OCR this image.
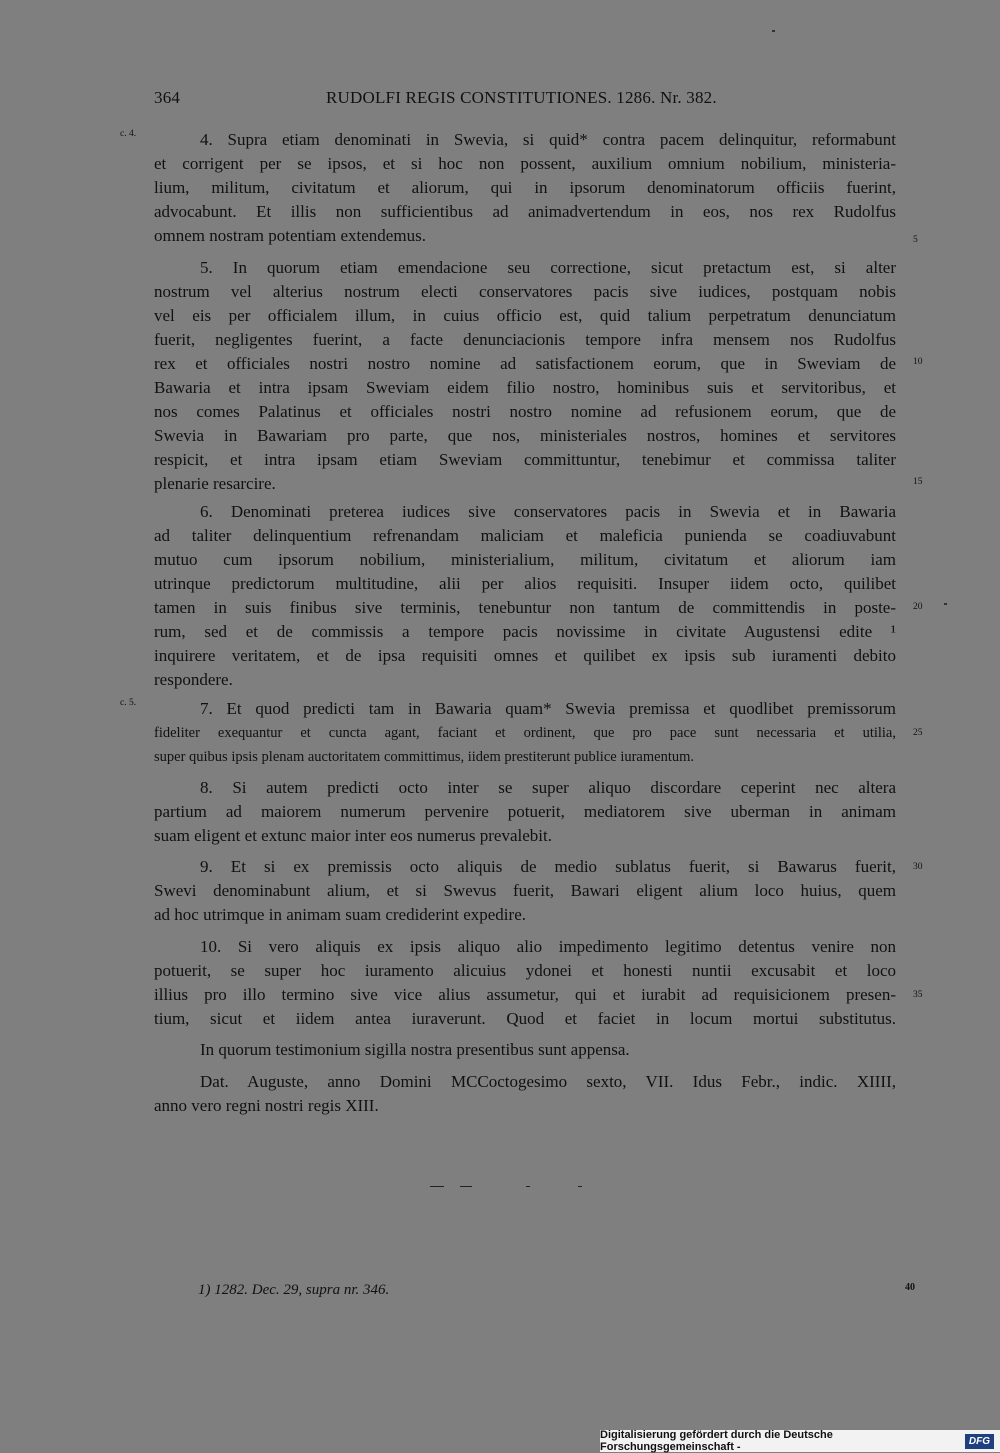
364	RUDOLFI REGIS CONSTITUTIONES. 1286. Nr. 382.
c. 4.
c. 5.
4. Supra etiam denominati in Swevia, si quid* contra pacem delinquitur, reformabunt
et corrigent per se ipsos, et si hoc non possent, auxilium omnium nobilium, ministeria-
lium, militum, civitatum et aliorum, qui in ipsorum denominatorum officiis fuerint,
advocabunt. Et illis non sufficientibus ad animadvertendum in eos, nos rex Rudolfus
omnem nostram potentiam extendemus.
5. In quorum etiam emendacione seu correctione, sicut pretactum est, si alter
nostrum vel alterius nostrum electi conservatores pacis sive iudices, postquam nobis
vel eis per officialem illum, in cuius officio est, quid talium perpetratum denunciatum
fuerit, negligentes fuerint, a facte denunciacionis tempore infra mensem nos Rudolfus
rex et officiales nostri nostro nomine ad satisfactionem eorum, que in Sweviam de
Bawaria et intra ipsam Sweviam eidem filio nostro, hominibus suis et servitoribus, et
nos comes Palatinus et officiales nostri nostro nomine ad refusionem eorum, que de
Swevia in Bawariam pro parte, que nos, ministeriales nostros, homines et servitores
respicit, et intra ipsam etiam Sweviam committuntur, tenebimur et commissa taliter
plenarie resarcire.
6. Denominati preterea iudices sive conservatores pacis in Swevia et in Bawaria
ad taliter delinquentium refrenandam maliciam et maleficia punienda se coadiuvabunt
mutuo cum ipsorum nobilium, ministerialium, militum, civitatum et aliorum iam
utrinque predictorum multitudine, alii per alios requisiti. Insuper iidem octo, quilibet
tamen in suis finibus sive terminis, tenebuntur non tantum de committendis in poste-
rum, sed et de commissis a tempore pacis novissime in civitate Augustensi edite ¹
inquirere veritatem, et de ipsa requisiti omnes et quilibet ex ipsis sub iuramenti debito
respondere.
7. Et quod predicti tam in Bawaria quam* Swevia premissa et quodlibet premissorum
fideliter exequantur et cuncta agant, faciant et ordinent, que pro pace sunt necessaria et utilia,
super quibus ipsis plenam auctoritatem committimus, iidem prestiterunt publice iuramentum.
8. Si autem predicti octo inter se super aliquo discordare ceperint nec altera
partium ad maiorem numerum pervenire potuerit, mediatorem sive uberman in animam
suam eligent et extunc maior inter eos numerus prevalebit.
9. Et si ex premissis octo aliquis de medio sublatus fuerit, si Bawarus fuerit,
Swevi denominabunt alium, et si Swevus fuerit, Bawari eligent alium loco huius, quem
ad hoc utrimque in animam suam crediderint expedire.
10. Si vero aliquis ex ipsis aliquo alio impedimento legitimo detentus venire non
potuerit, se super hoc iuramento alicuius ydonei et honesti nuntii excusabit et loco
illius pro illo termino sive vice alius assumetur, qui et iurabit ad requisicionem presen-
tium, sicut et iidem antea iuraverunt. Quod et faciet in locum mortui substitutus.
In quorum testimonium sigilla nostra presentibus sunt appensa.
Dat. Auguste, anno Domini MCCoctogesimo sexto, VII. Idus Febr., indic. XIIII,
anno vero regni nostri regis XIII.
5
10
15
20
25
30
35
1) 1282. Dec. 29, supra nr. 346.	40
Digitalisierung gefördert durch die Deutsche Forschungsgemeinschaft -	DFG
